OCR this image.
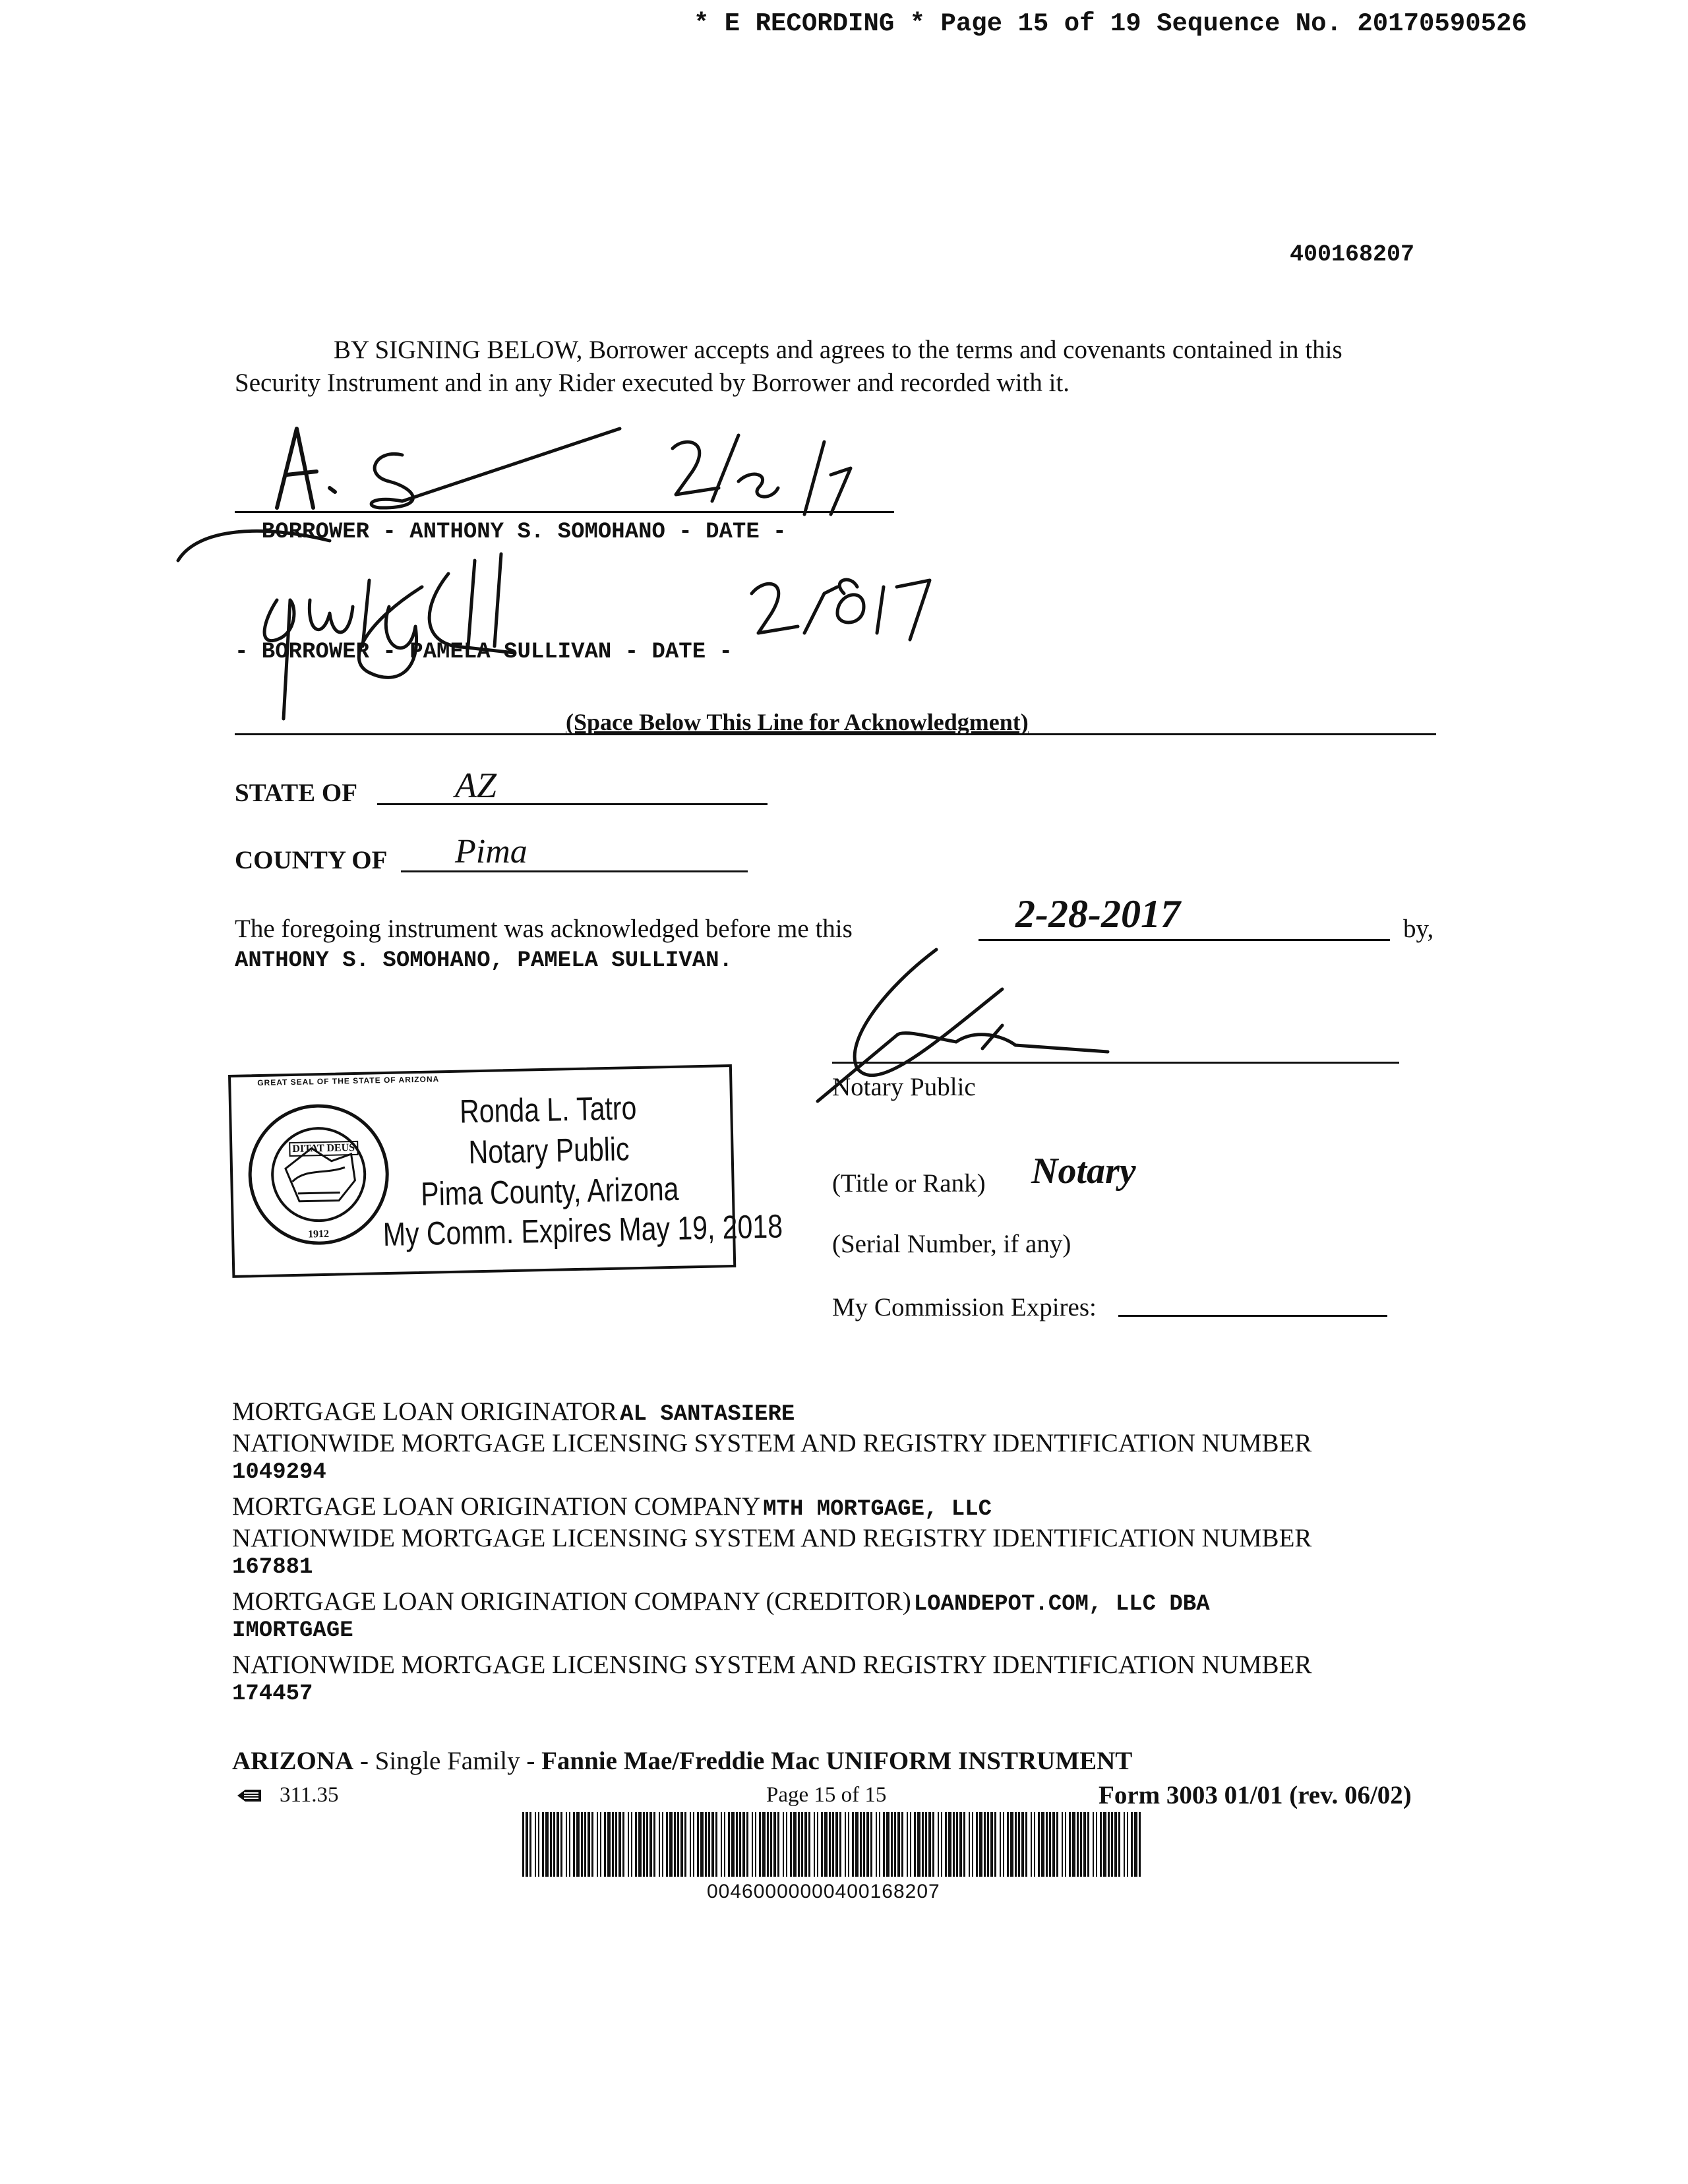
* E RECORDING * Page 15 of 19 Sequence No. 20170590526
400168207
BY SIGNING BELOW, Borrower accepts and agrees to the terms and covenants contained in this
Security Instrument and in any Rider executed by Borrower and recorded with it.
- BORROWER - ANTHONY S. SOMOHANO - DATE -
- BORROWER - PAMELA SULLIVAN - DATE -
(Space Below This Line for Acknowledgment)
STATE OF	AZ
COUNTY OF Pima
The foregoing instrument was acknowledged before me this	2-28-2017	by,
ANTHONY S. SOMOHANO, PAMELA SULLIVAN.
Notary Public
(Title or Rank) Notary
(Serial Number, if any)
My Commission Expires:
DITAT DEUS
1912
GREAT SEAL OF THE STATE OF ARIZONA
Ronda L. Tatro
Notary Public
Pima County, Arizona
My Comm. Expires May 19, 2018
MORTGAGE LOAN ORIGINATOR AL SANTASIERE
NATIONWIDE MORTGAGE LICENSING SYSTEM AND REGISTRY IDENTIFICATION NUMBER
1049294
MORTGAGE LOAN ORIGINATION COMPANY MTH MORTGAGE, LLC
NATIONWIDE MORTGAGE LICENSING SYSTEM AND REGISTRY IDENTIFICATION NUMBER
167881
MORTGAGE LOAN ORIGINATION COMPANY (CREDITOR) LOANDEPOT.COM, LLC DBA
IMORTGAGE
NATIONWIDE MORTGAGE LICENSING SYSTEM AND REGISTRY IDENTIFICATION NUMBER
174457
ARIZONA - Single Family - Fannie Mae/Freddie Mac UNIFORM INSTRUMENT
311.35	Page 15 of 15	Form 3003 01/01 (rev. 06/02)
00460000000400168207
